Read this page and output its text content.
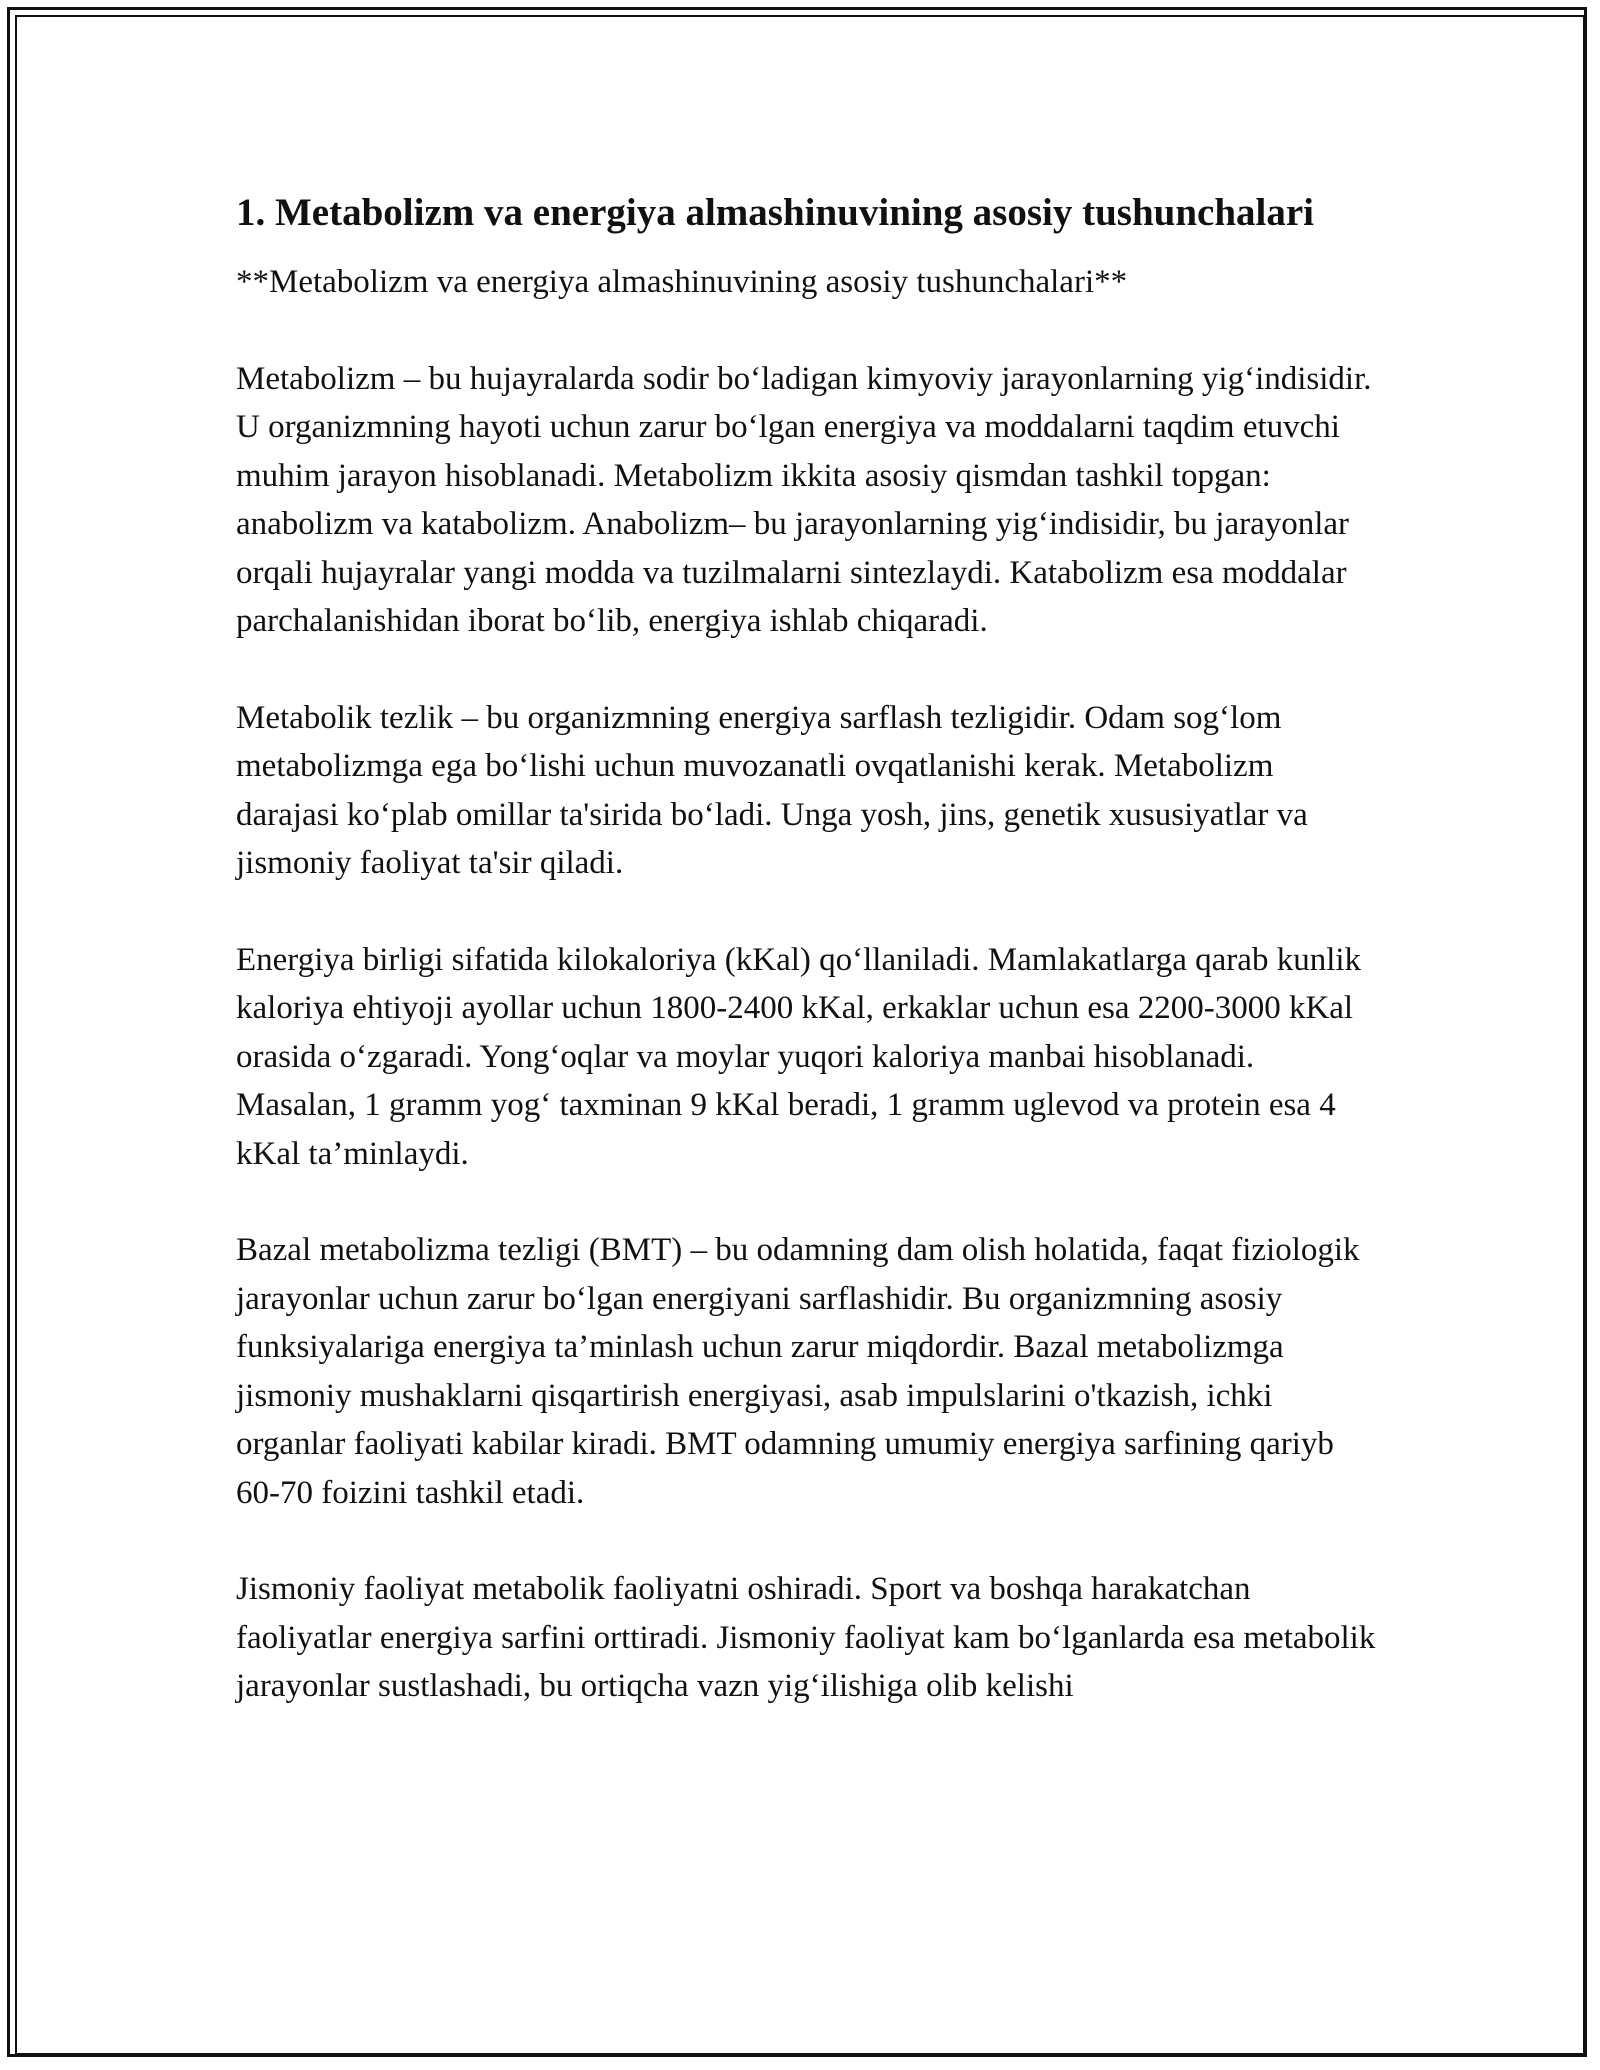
1. Metabolizm va energiya almashinuvining asosiy tushunchalari

**Metabolizm va energiya almashinuvining asosiy tushunchalari**

Metabolizm – bu hujayralarda sodir bo‘ladigan kimyoviy jarayonlarning yig‘indisidir. U organizmning hayoti uchun zarur bo‘lgan energiya va moddalarni taqdim etuvchi muhim jarayon hisoblanadi. Metabolizm ikkita asosiy qismdan tashkil topgan: anabolizm va katabolizm. Anabolizm– bu jarayonlarning yig‘indisidir, bu jarayonlar orqali hujayralar yangi modda va tuzilmalarni sintezlaydi. Katabolizm esa moddalar parchalanishidan iborat bo‘lib, energiya ishlab chiqaradi.

Metabolik tezlik – bu organizmning energiya sarflash tezligidir. Odam sog‘lom metabolizmga ega bo‘lishi uchun muvozanatli ovqatlanishi kerak. Metabolizm darajasi ko‘plab omillar ta'sirida bo‘ladi. Unga yosh, jins, genetik xususiyatlar va jismoniy faoliyat ta'sir qiladi.

Energiya birligi sifatida kilokaloriya (kKal) qo‘llaniladi. Mamlakatlarga qarab kunlik kaloriya ehtiyoji ayollar uchun 1800-2400 kKal, erkaklar uchun esa 2200-3000 kKal orasida o‘zgaradi. Yong‘oqlar va moylar yuqori kaloriya manbai hisoblanadi. Masalan, 1 gramm yog‘ taxminan 9 kKal beradi, 1 gramm uglevod va protein esa 4 kKal ta’minlaydi.

Bazal metabolizma tezligi (BMT) – bu odamning dam olish holatida, faqat fiziologik jarayonlar uchun zarur bo‘lgan energiyani sarflashidir. Bu organizmning asosiy funksiyalariga energiya ta’minlash uchun zarur miqdordir. Bazal metabolizmga jismoniy mushaklarni qisqartirish energiyasi, asab impulslarini o'tkazish, ichki organlar faoliyati kabilar kiradi. BMT odamning umumiy energiya sarfining qariyb 60-70 foizini tashkil etadi.

Jismoniy faoliyat metabolik faoliyatni oshiradi. Sport va boshqa harakatchan faoliyatlar energiya sarfini orttiradi. Jismoniy faoliyat kam bo‘lganlarda esa metabolik jarayonlar sustlashadi, bu ortiqcha vazn yig‘ilishiga olib kelishi
